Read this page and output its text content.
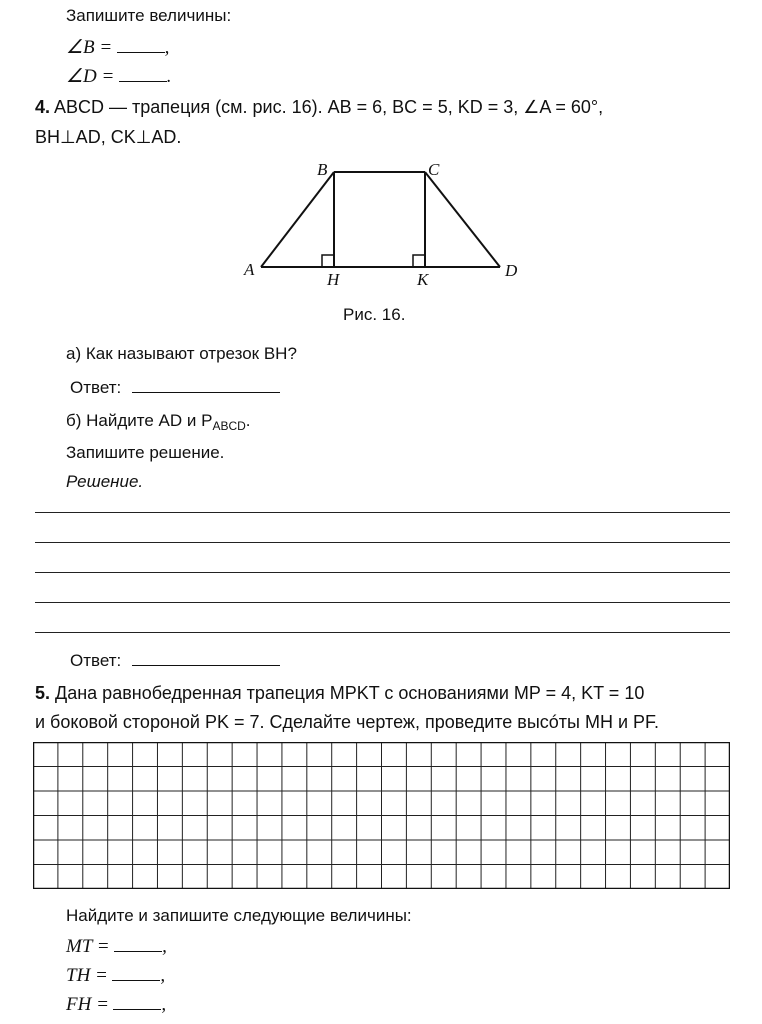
Запишите величины:
∠B =	,
∠D =	.
4. ABCD — трапеция (см. рис. 16). AB = 6, BC = 5, KD = 3, ∠A = 60°,
BH⊥AD, CK⊥AD.
B	C
A
H	K	D
Рис. 16.
а) Как называют отрезок BH?
Ответ:
б) Найдите AD и $P_{ABCD}$.
Запишите решение.
Решение.
Ответ:
5. Дана равнобедренная трапеция MPKT с основаниями MP = 4, KT = 10
и боковой стороной PK = 7. Сделайте чертеж, проведите высóты MH и PF.
Найдите и запишите следующие величины:
MT =	,
TH =	,
FH =	,
